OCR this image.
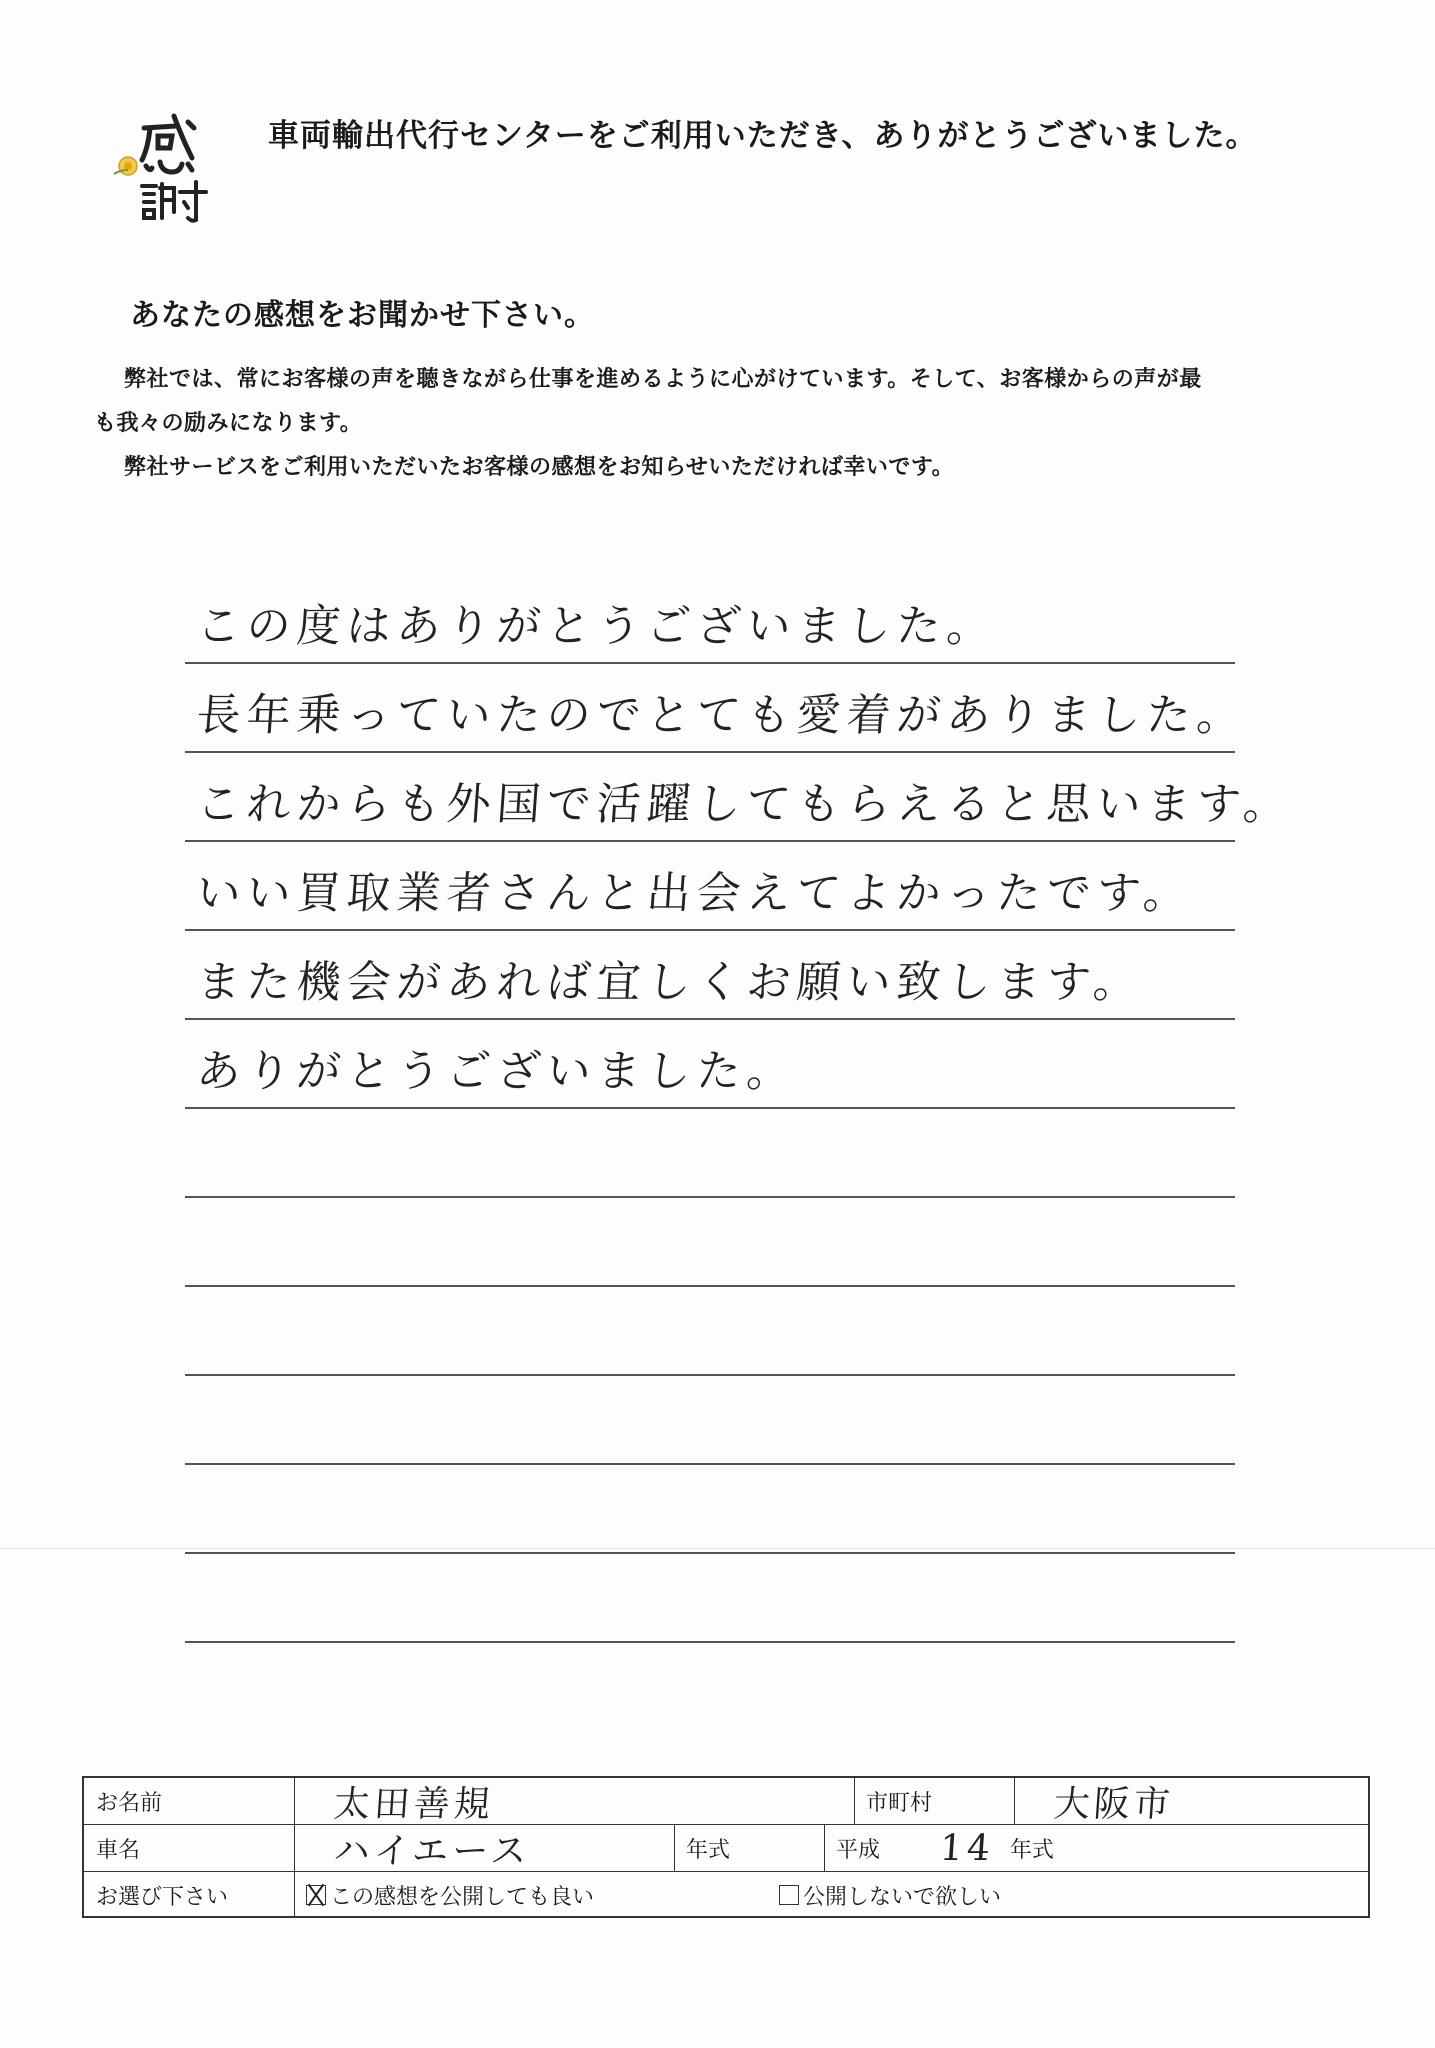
車両輸出代行センターをご利用いただき、ありがとうございました。
あなたの感想をお聞かせ下さい。

弊社では、常にお客様の声を聴きながら仕事を進めるように心がけています。そして、お客様からの声が最

も我々の励みになります。

弊社サービスをご利用いただいたお客様の感想をお知らせいただければ幸いです。

この度はありがとうございました。
長年乗っていたのでとても愛着がありました。
これからも外国で活躍してもらえると思います。
いい買取業者さんと出会えてよかったです。
また機会があれば宜しくお願い致します。
ありがとうございました。
お名前	太田善規	市町村	大阪市
車名	ハイエース	年式	平成	14 年式
お選び下さい	この感想を公開しても良い	公開しないで欲しい
